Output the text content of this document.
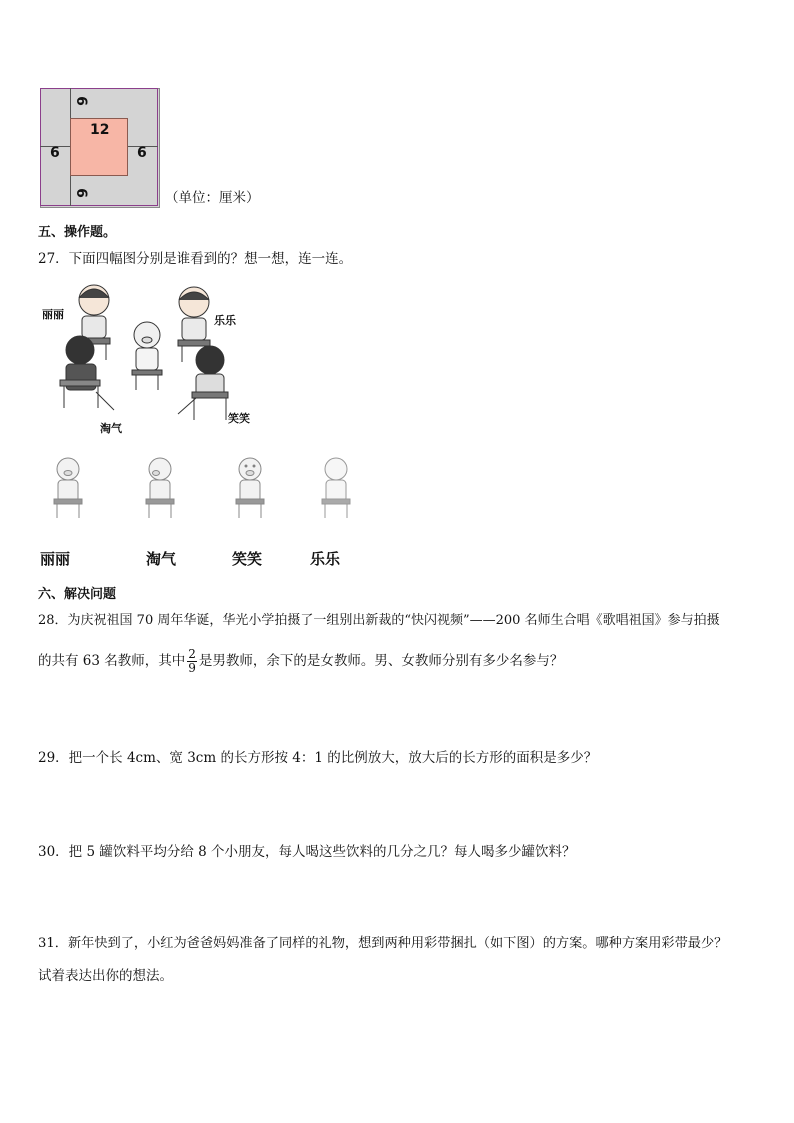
6
12
6	6
6	（单位：厘米）
五、操作题。
27．下面四幅图分别是谁看到的？想一想，连一连。
丽丽	乐乐
淘气
笑笑
丽丽	淘气	笑笑	乐乐
六、解决问题
28．为庆祝祖国 70 周年华诞，华光小学拍摄了一组别出新裁的“快闪视频”——200 名师生合唱《歌唱祖国》参与拍摄
的共有 63 名教师，其中 $\frac{2}{9}$ 是男教师，余下的是女教师。男、女教师分别有多少名参与？
29．把一个长 4cm、宽 3cm 的长方形按 4：1 的比例放大，放大后的长方形的面积是多少？
30．把 5 罐饮料平均分给 8 个小朋友，每人喝这些饮料的几分之几？每人喝多少罐饮料？
31．新年快到了，小红为爸爸妈妈准备了同样的礼物，想到两种用彩带捆扎（如下图）的方案。哪种方案用彩带最少？
试着表达出你的想法。
